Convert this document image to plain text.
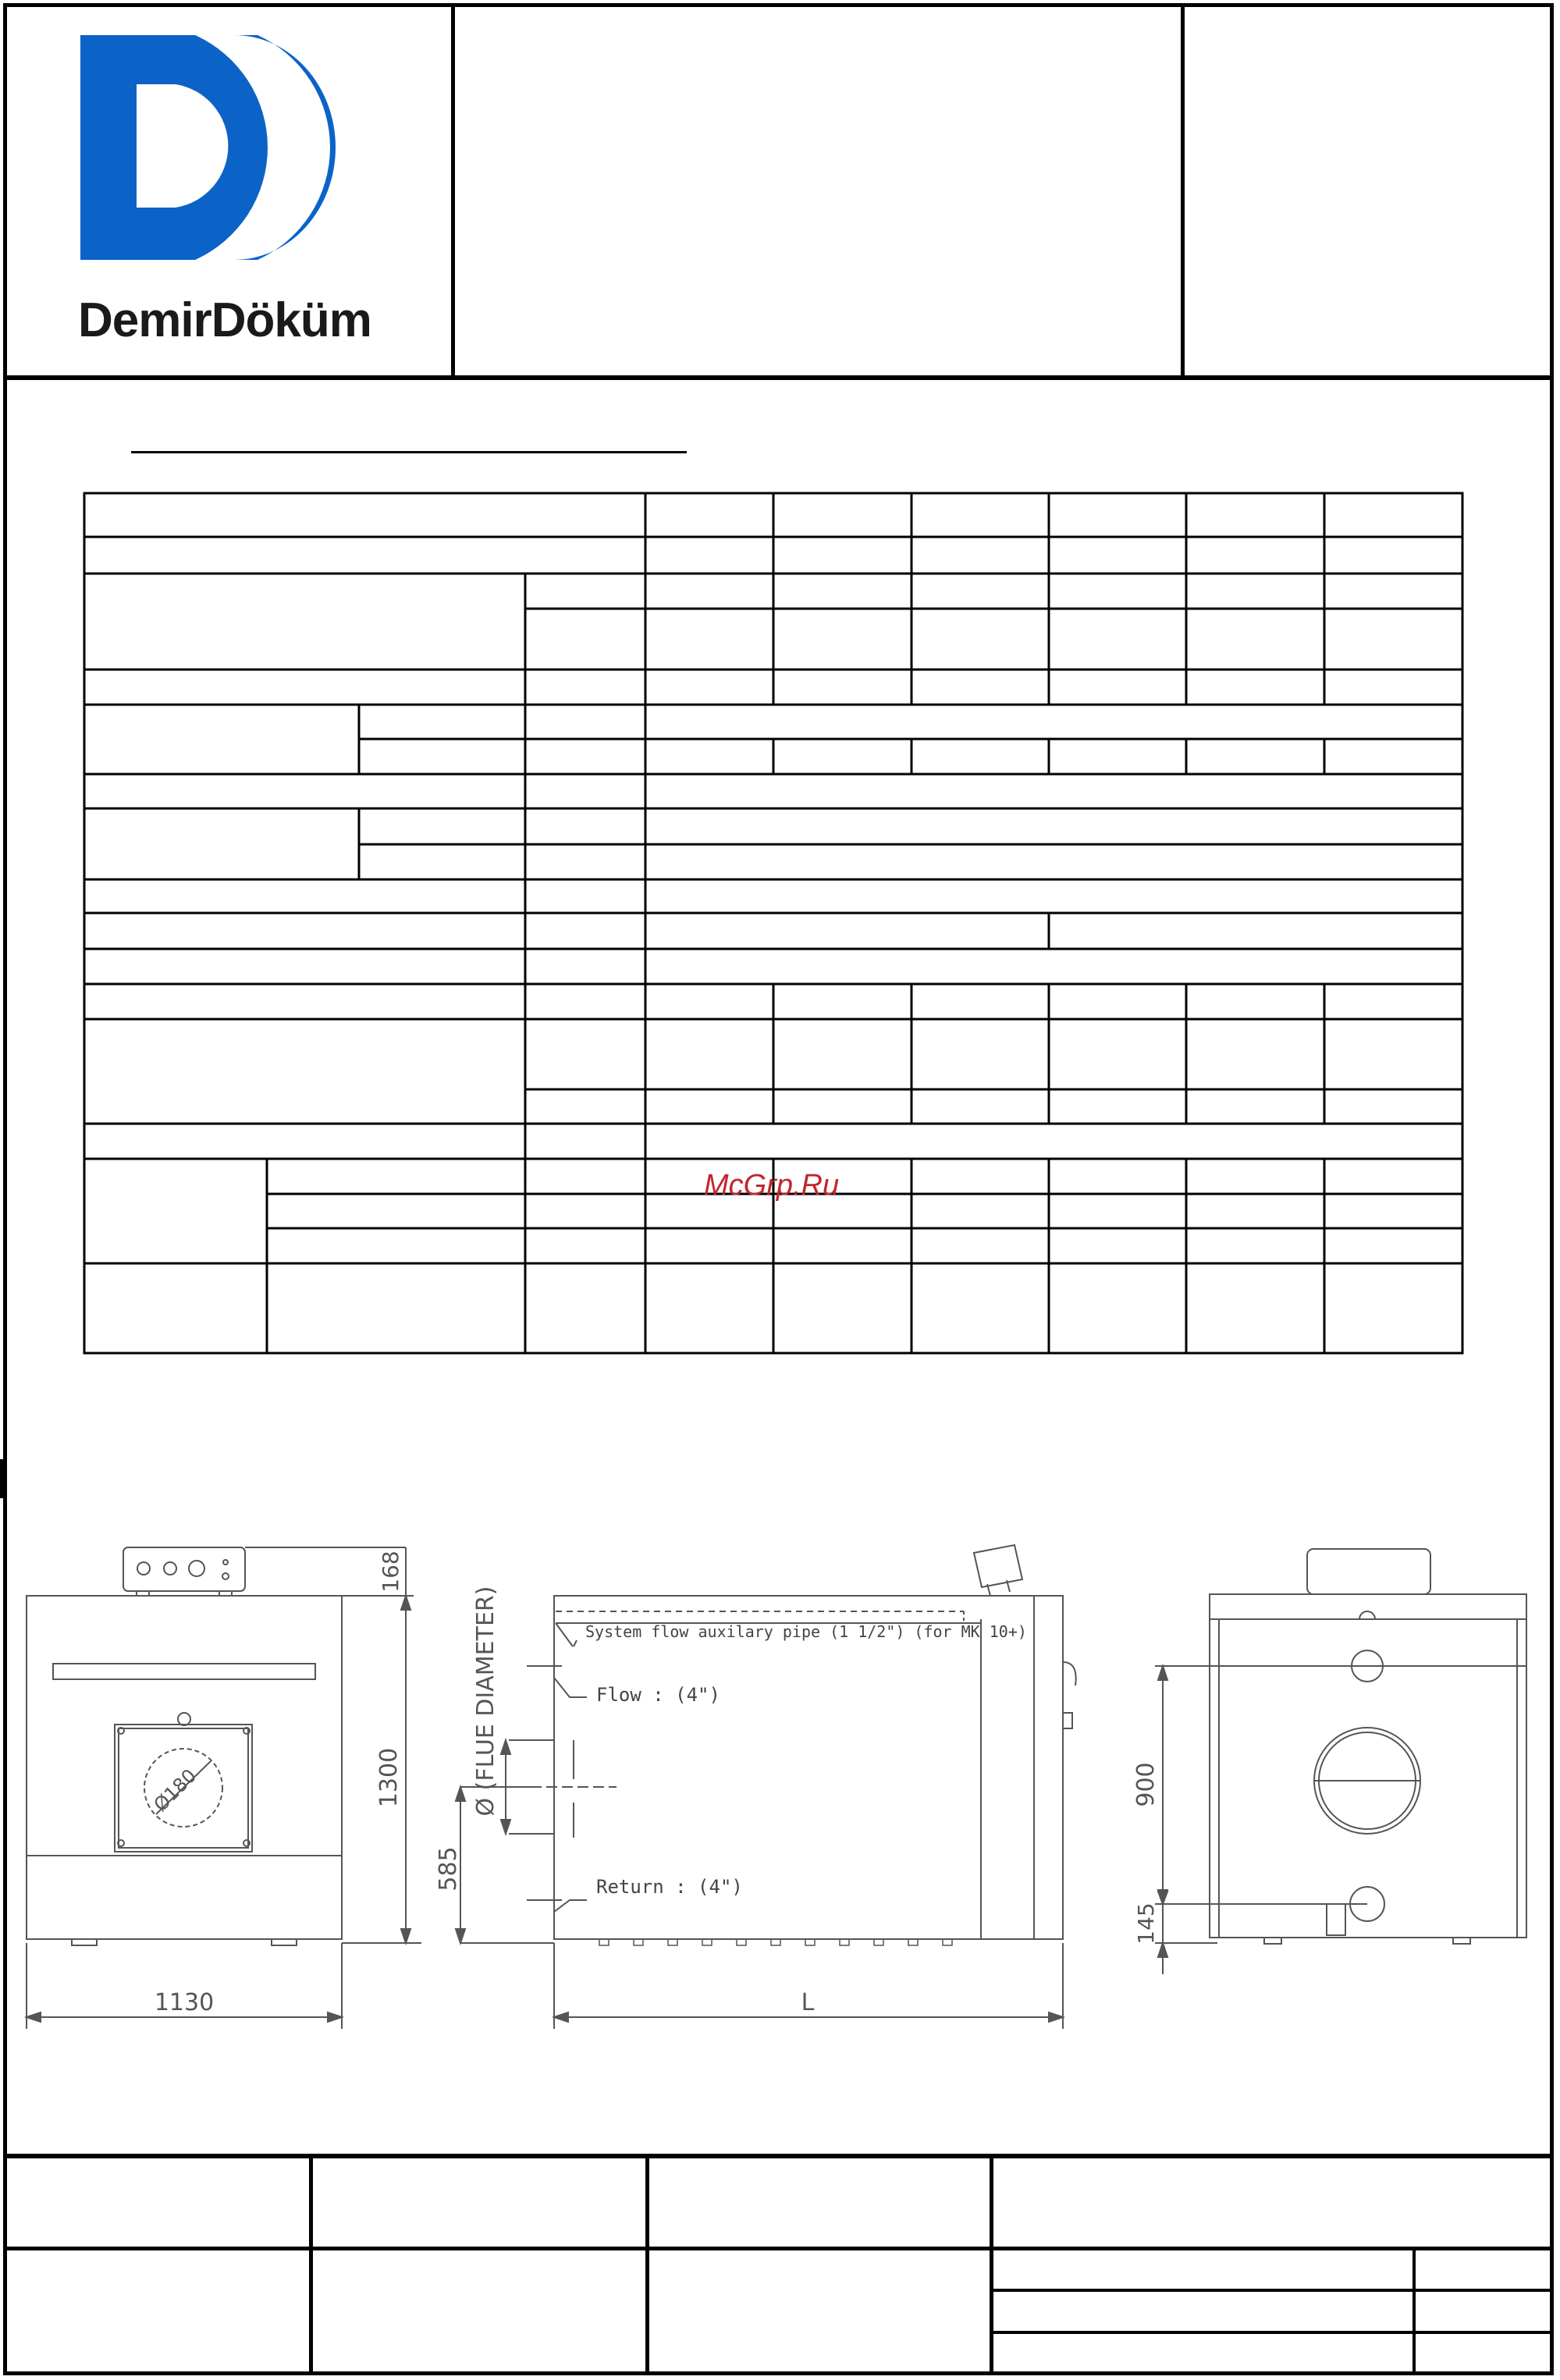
DemirDöküm
McGrp.Ru
168
1300
1130
Ø180	Ø (FLUE DIAMETER)
585
System flow auxilary pipe (1 1/2") (for MK 10+)
Flow : (4")
Return : (4")
L
900
145
